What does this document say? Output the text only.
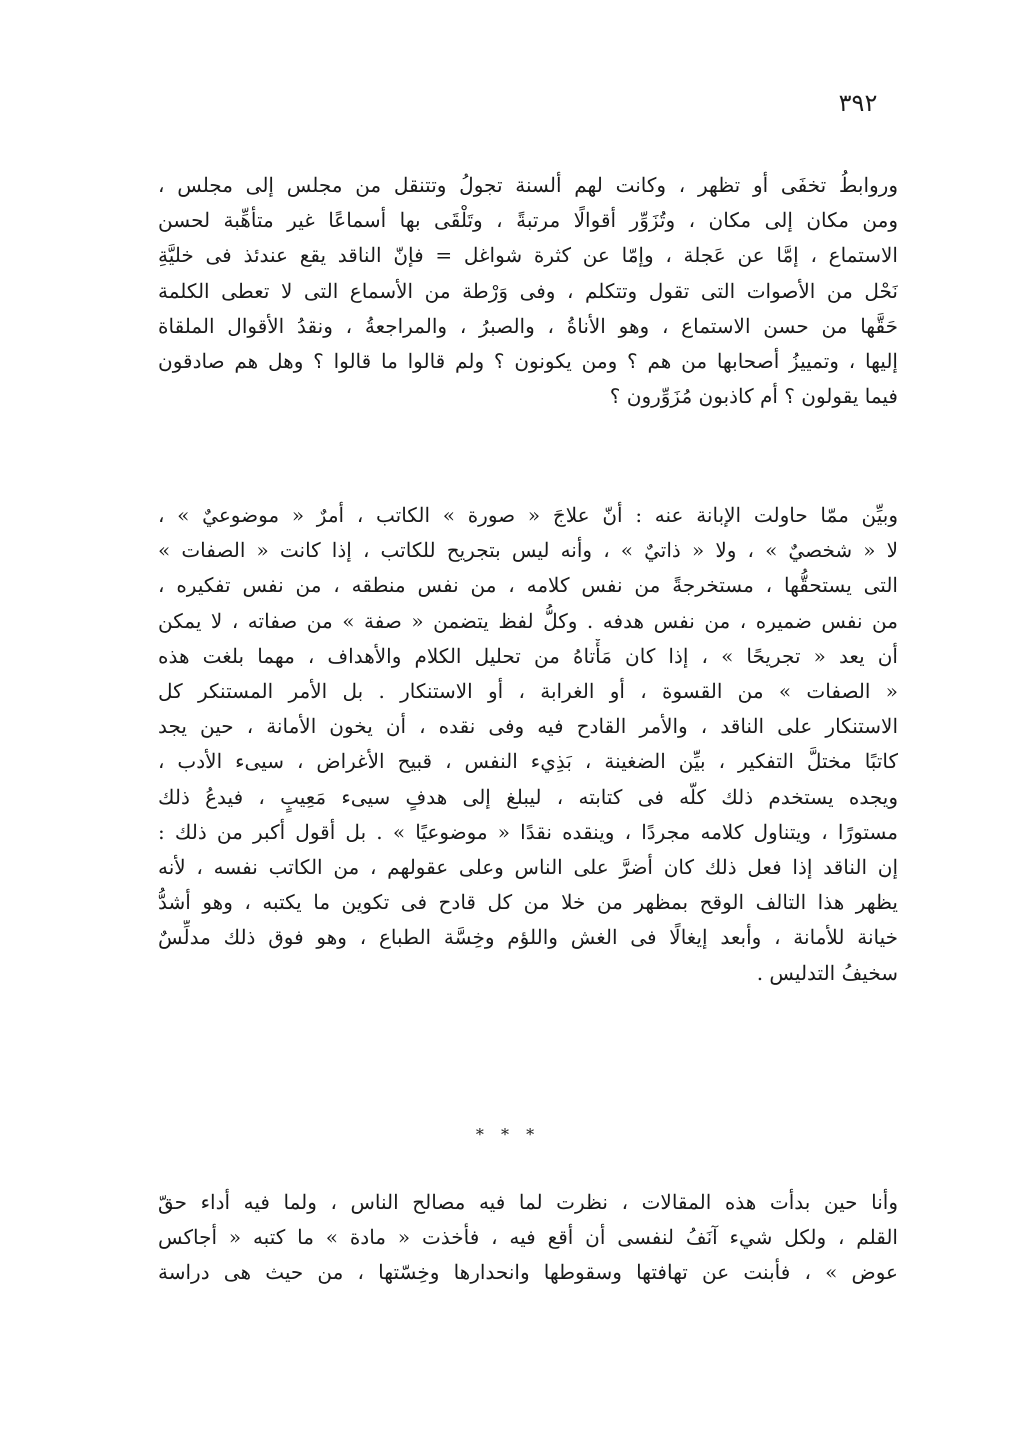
٣٩٢
وروابطُ تخفَى أو تظهر ، وكانت لهم ألسنة تجولُ وتتنقل من مجلس إلى مجلس ،
ومن مكان إلى مكان ، وتُزَوِّر أقوالًا مرتبةً ، وتَلْقَى بها أسماعًا غير متأهِّبة لحسن
الاستماع ، إمَّا عن عَجلة ، وإمّا عن كثرة شواغل = فإنّ الناقد يقع عندئذ فى خليَّةِ
نَحْل من الأصوات التى تقول وتتكلم ، وفى وَرْطة من الأسماع التى لا تعطى الكلمة
حَقَّها من حسن الاستماع ، وهو الأناةُ ، والصبرُ ، والمراجعةُ ، ونقدُ الأقوال الملقاة
إليها ، وتمييزُ أصحابها من هم ؟ ومن يكونون ؟ ولم قالوا ما قالوا ؟ وهل هم صادقون
فيما يقولون ؟ أم كاذبون مُزَوِّرون ؟
وبيِّن ممّا حاولت الإبانة عنه : أنّ علاجَ « صورة » الكاتب ، أمرٌ « موضوعيٌ » ،
لا « شخصيٌ » ، ولا « ذاتيٌ » ، وأنه ليس بتجريح للكاتب ، إذا كانت « الصفات »
التى يستحقُّها ، مستخرجةً من نفس كلامه ، من نفس منطقه ، من نفس تفكيره ،
من نفس ضميره ، من نفس هدفه . وكلُّ لفظ يتضمن « صفة » من صفاته ، لا يمكن
أن يعد « تجريحًا » ، إذا كان مَأْتاهُ من تحليل الكلام والأهداف ، مهما بلغت هذه
« الصفات » من القسوة ، أو الغرابة ، أو الاستنكار . بل الأمر المستنكر كل
الاستنكار على الناقد ، والأمر القادح فيه وفى نقده ، أن يخون الأمانة ، حين يجد
كاتبًا مختلَّ التفكير ، بيِّن الضغينة ، بَذِيء النفس ، قبيح الأغراض ، سيىء الأدب ،
ويجده يستخدم ذلك كلّه فى كتابته ، ليبلغ إلى هدفٍ سيىء مَعِيبٍ ، فيدعُ ذلك
مستورًا ، ويتناول كلامه مجردًا ، وينقده نقدًا « موضوعيًا » . بل أقول أكبر من ذلك :
إن الناقد إذا فعل ذلك كان أضرَّ على الناس وعلى عقولهم ، من الكاتب نفسه ، لأنه
يظهر هذا التالف الوقح بمظهر من خلا من كل قادح فى تكوين ما يكتبه ، وهو أشدُّ
خيانة للأمانة ، وأبعد إيغالًا فى الغش واللؤم وخِسَّة الطباع ، وهو فوق ذلك مدلِّسٌ
سخيفُ التدليس .
* * *
وأنا حين بدأت هذه المقالات ، نظرت لما فيه مصالح الناس ، ولما فيه أداء حقّ
القلم ، ولكل شيء آنَفُ لنفسى أن أقع فيه ، فأخذت « مادة » ما كتبه « أجاكس
عوض » ، فأبنت عن تهافتها وسقوطها وانحدارها وخِسّتها ، من حيث هى دراسة
